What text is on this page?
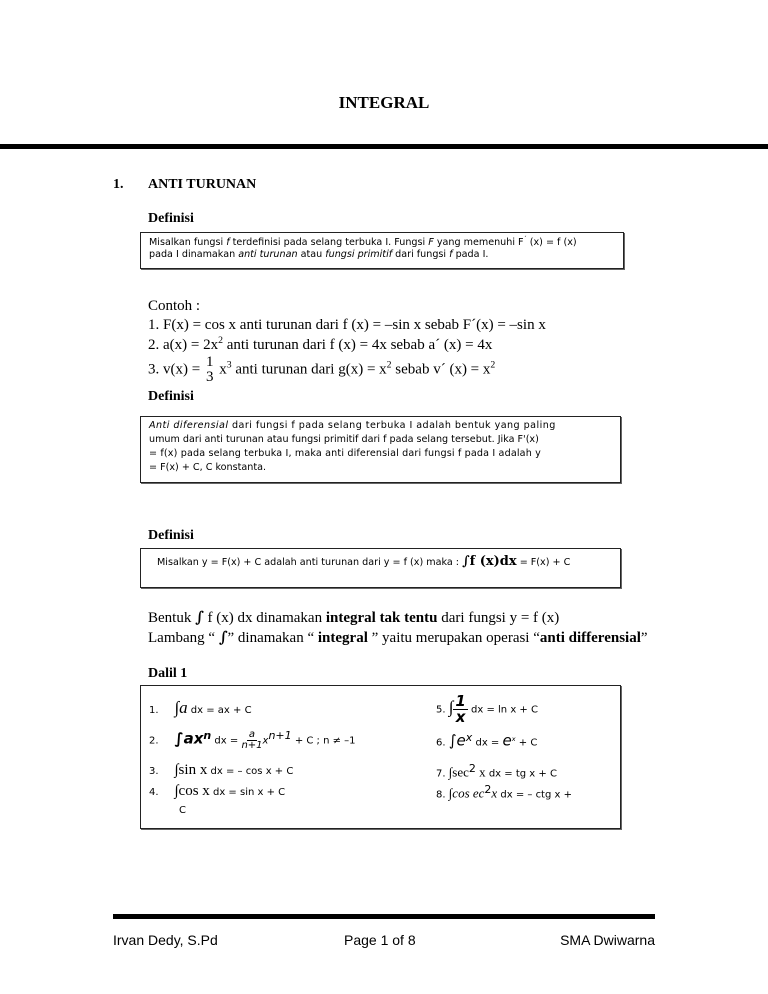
INTEGRAL
1. ANTI TURUNAN
Definisi
Misalkan fungsi f terdefinisi pada selang terbuka I. Fungsi F yang memenuhi F´ (x) = f (x)
pada I dinamakan anti turunan atau fungsi primitif dari fungsi f pada I.
Contoh :
1. F(x) = cos x anti turunan dari f (x) = –sin x sebab F´(x) = –sin x
2. $a(x) = 2x^2$ anti turunan dari f (x) = 4x sebab a´ (x) = 4x
3. v(x) = 1
3 $x^3$ anti turunan dari $g(x) = x^2$ sebab v´ $(x) = x^2$
Definisi
Anti diferensial dari fungsi f pada selang terbuka I adalah bentuk yang paling
umum dari anti turunan atau fungsi primitif dari f pada selang tersebut. Jika F'(x)
= f(x) pada selang terbuka I, maka anti diferensial dari fungsi f pada I adalah y
= F(x) + C, C konstanta.
Definisi
Misalkan y = F(x) + C adalah anti turunan dari y = f (x) maka : ∫f (x)dx = F(x) + C
Bentuk ∫ f (x) dx dinamakan integral tak tentu dari fungsi y = f (x)
Lambang “ ∫” dinamakan “ integral ” yaitu merupakan operasi “anti differensial”
Dalil 1
1. ∫a dx = ax + C
2. $\int ax^n$ dx = $\frac{a}{n+1} x^{n+1} + C$ ; n ≠ –1
3. ∫sin x dx = – cos x + C
4. ∫cos x dx = sin x + C
C
5. ∫ $\frac{1}{x}$ dx = ln x + C
6. $\int e^x$ dx = $e^x + C$
7. $\int\sec^2$ x dx = tg x + C
8. ∫cos $ec^2x$ dx = – ctg x +
Irvan Dedy, S.Pd	Page 1 of 8	SMA Dwiwarna
